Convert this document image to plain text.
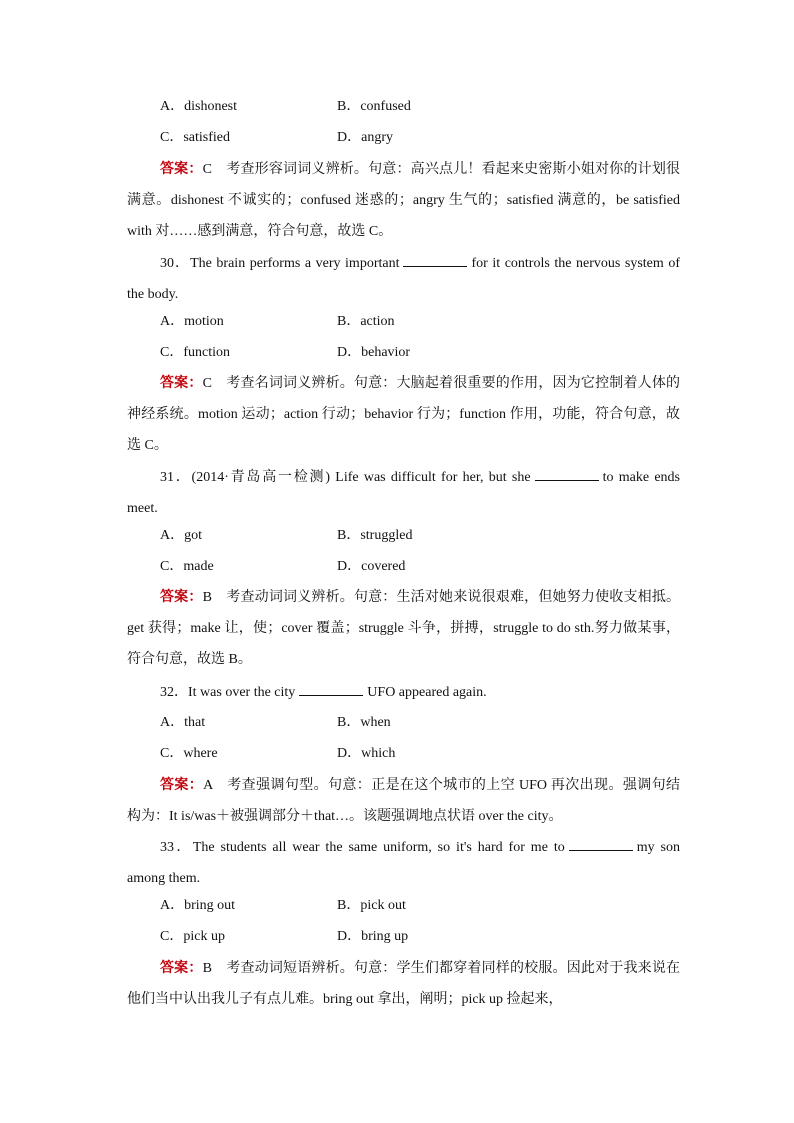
A．dishonest	B．confused
C．satisfied	D．angry
答案：C　考查形容词词义辨析。句意：高兴点儿！看起来史密斯小姐对你的计划很满意。dishonest 不诚实的；confused 迷惑的；angry 生气的；satisfied 满意的，be satisfied with 对……感到满意，符合句意，故选 C。
30．The brain performs a very important	for it controls the nervous system of the body.
A．motion	B．action
C．function	D．behavior
答案：C　考查名词词义辨析。句意：大脑起着很重要的作用，因为它控制着人体的神经系统。motion 运动；action 行动；behavior 行为；function 作用，功能，符合句意，故选 C。
31．(2014·青岛高一检测) Life was difficult for her, but she	to make ends meet.
A．got	B．struggled
C．made	D．covered
答案：B　考查动词词义辨析。句意：生活对她来说很艰难，但她努力使收支相抵。get 获得；make 让，使；cover 覆盖；struggle 斗争，拼搏，struggle to do sth.努力做某事，符合句意，故选 B。
32．It was over the city	UFO appeared again.
A．that	B．when
C．where	D．which
答案：A　考查强调句型。句意：正是在这个城市的上空 UFO 再次出现。强调句结构为：It is/was＋被强调部分＋that…。该题强调地点状语 over the city。
33．The students all wear the same uniform, so it's hard for me to	my son among them.
A．bring out	B．pick out
C．pick up	D．bring up
答案：B　考查动词短语辨析。句意：学生们都穿着同样的校服。因此对于我来说在他们当中认出我儿子有点儿难。bring out 拿出，阐明；pick up 捡起来，
